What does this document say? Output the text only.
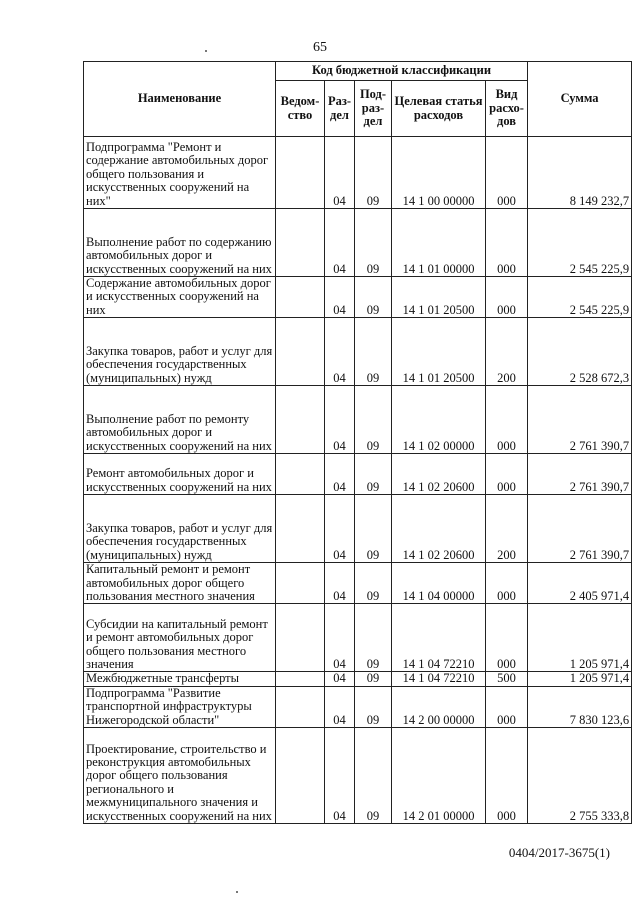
65
Наименование	Код бюджетной классификации					Сумма
	Ведом-ство	Раз-дел	Под-раз-дел	Целевая статья расходов	Вид расхо-дов	
Подпрограмма "Ремонт и содержание автомобильных дорог общего пользования и искусственных сооружений на них"		04	09	14 1 00 00000	000	8 149 232,7
Выполнение работ по содержанию автомобильных дорог и искусственных сооружений на них		04	09	14 1 01 00000	000	2 545 225,9
Содержание автомобильных дорог и искусственных сооружений на них		04	09	14 1 01 20500	000	2 545 225,9
Закупка товаров, работ и услуг для обеспечения государственных (муниципальных) нужд		04	09	14 1 01 20500	200	2 528 672,3
Выполнение работ по ремонту автомобильных дорог и искусственных сооружений на них		04	09	14 1 02 00000	000	2 761 390,7
Ремонт автомобильных дорог и искусственных сооружений на них		04	09	14 1 02 20600	000	2 761 390,7
Закупка товаров, работ и услуг для обеспечения государственных (муниципальных) нужд		04	09	14 1 02 20600	200	2 761 390,7
Капитальный ремонт и ремонт автомобильных дорог общего пользования местного значения		04	09	14 1 04 00000	000	2 405 971,4
Субсидии на капитальный ремонт и ремонт автомобильных дорог общего пользования местного значения		04	09	14 1 04 72210	000	1 205 971,4
Межбюджетные трансферты		04	09	14 1 04 72210	500	1 205 971,4
Подпрограмма "Развитие транспортной инфраструктуры Нижегородской области"		04	09	14 2 00 00000	000	7 830 123,6
Проектирование, строительство и реконструкция автомобильных дорог общего пользования регионального и межмуниципального значения и искусственных сооружений на них		04	09	14 2 01 00000	000	2 755 333,8
0404/2017-3675(1)
